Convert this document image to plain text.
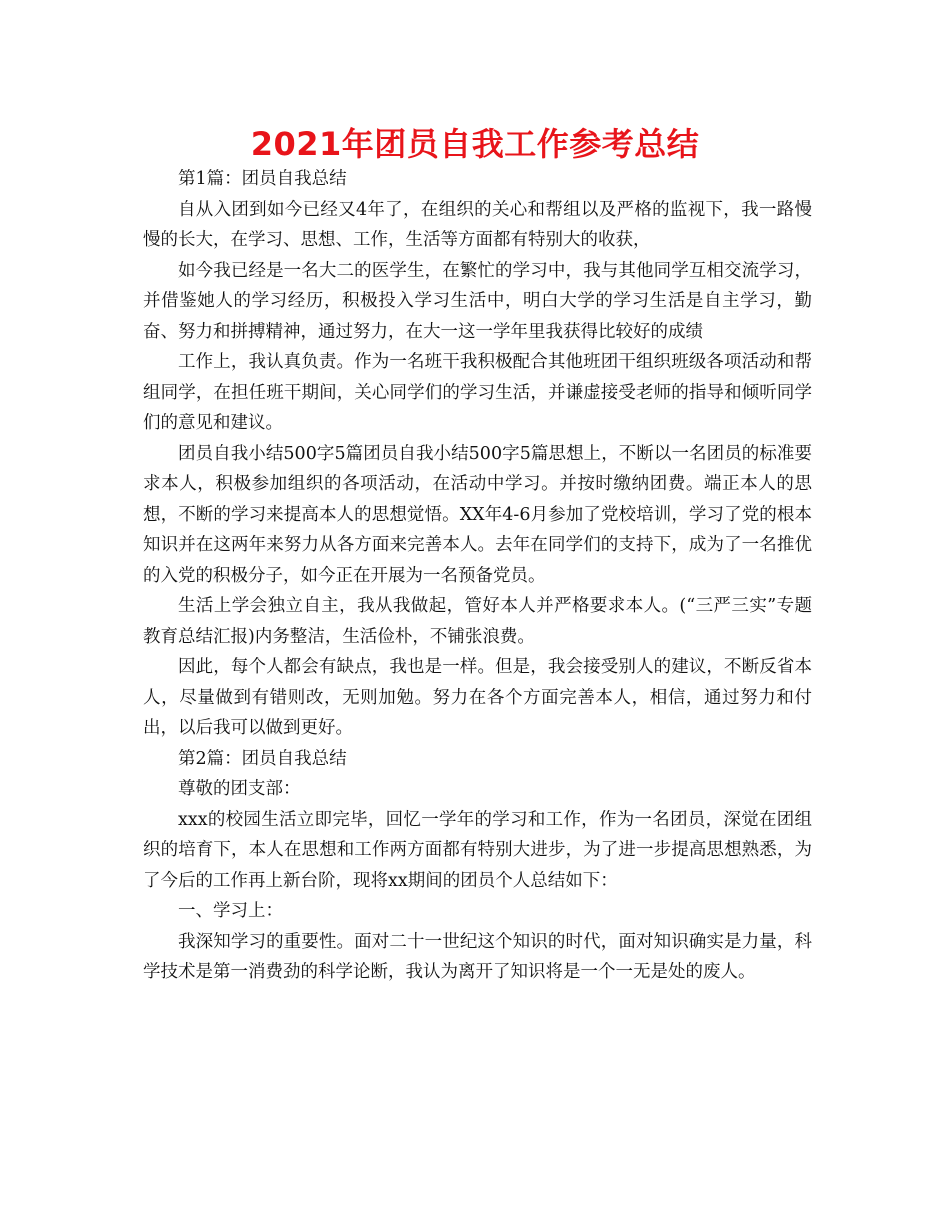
2021年团员自我工作参考总结

第1篇：团员自我总结

自从入团到如今已经又4年了，在组织的关心和帮组以及严格的监视下，我一路慢慢的长大，在学习、思想、工作，生活等方面都有特别大的收获，

如今我已经是一名大二的医学生，在繁忙的学习中，我与其他同学互相交流学习，并借鉴她人的学习经历，积极投入学习生活中，明白大学的学习生活是自主学习，勤奋、努力和拼搏精神，通过努力，在大一这一学年里我获得比较好的成绩

工作上，我认真负责。作为一名班干我积极配合其他班团干组织班级各项活动和帮组同学，在担任班干期间，关心同学们的学习生活，并谦虚接受老师的指导和倾听同学们的意见和建议。

团员自我小结500字5篇团员自我小结500字5篇思想上，不断以一名团员的标准要求本人，积极参加组织的各项活动，在活动中学习。并按时缴纳团费。端正本人的思想，不断的学习来提高本人的思想觉悟。XX年4-6月参加了党校培训，学习了党的根本知识并在这两年来努力从各方面来完善本人。去年在同学们的支持下，成为了一名推优的入党的积极分子，如今正在开展为一名预备党员。

生活上学会独立自主，我从我做起，管好本人并严格要求本人。(“三严三实”专题教育总结汇报)内务整洁，生活俭朴，不铺张浪费。

因此，每个人都会有缺点，我也是一样。但是，我会接受别人的建议，不断反省本人，尽量做到有错则改，无则加勉。努力在各个方面完善本人，相信，通过努力和付出，以后我可以做到更好。

第2篇：团员自我总结

尊敬的团支部：

xxx的校园生活立即完毕，回忆一学年的学习和工作，作为一名团员，深觉在团组织的培育下，本人在思想和工作两方面都有特别大进步，为了进一步提高思想熟悉，为了今后的工作再上新台阶，现将xx期间的团员个人总结如下：

一、学习上：

我深知学习的重要性。面对二十一世纪这个知识的时代，面对知识确实是力量，科学技术是第一消费劲的科学论断，我认为离开了知识将是一个一无是处的废人。
